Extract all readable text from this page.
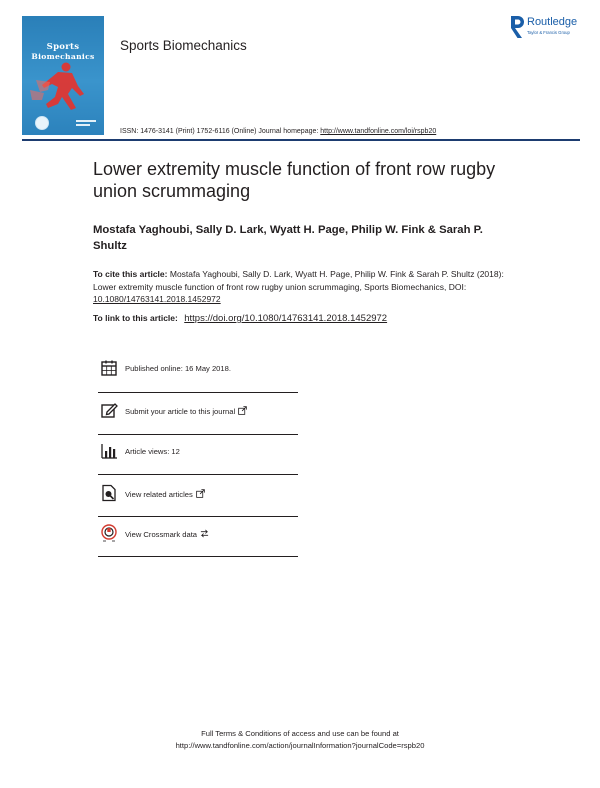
Sports
Biomechanics
Sports Biomechanics
Routledge
Taylor & Francis Group
ISSN: 1476-3141 (Print) 1752-6116 (Online) Journal homepage: http://www.tandfonline.com/loi/rspb20
Lower extremity muscle function of front row rugby union scrummaging
Mostafa Yaghoubi, Sally D. Lark, Wyatt H. Page, Philip W. Fink & Sarah P. Shultz
To cite this article: Mostafa Yaghoubi, Sally D. Lark, Wyatt H. Page, Philip W. Fink & Sarah P. Shultz (2018): Lower extremity muscle function of front row rugby union scrummaging, Sports Biomechanics, DOI: 10.1080/14763141.2018.1452972
To link to this article: https://doi.org/10.1080/14763141.2018.1452972
Published online: 16 May 2018.
Submit your article to this journal
Article views: 12
View related articles
View Crossmark data
Full Terms & Conditions of access and use can be found at
http://www.tandfonline.com/action/journalInformation?journalCode=rspb20
